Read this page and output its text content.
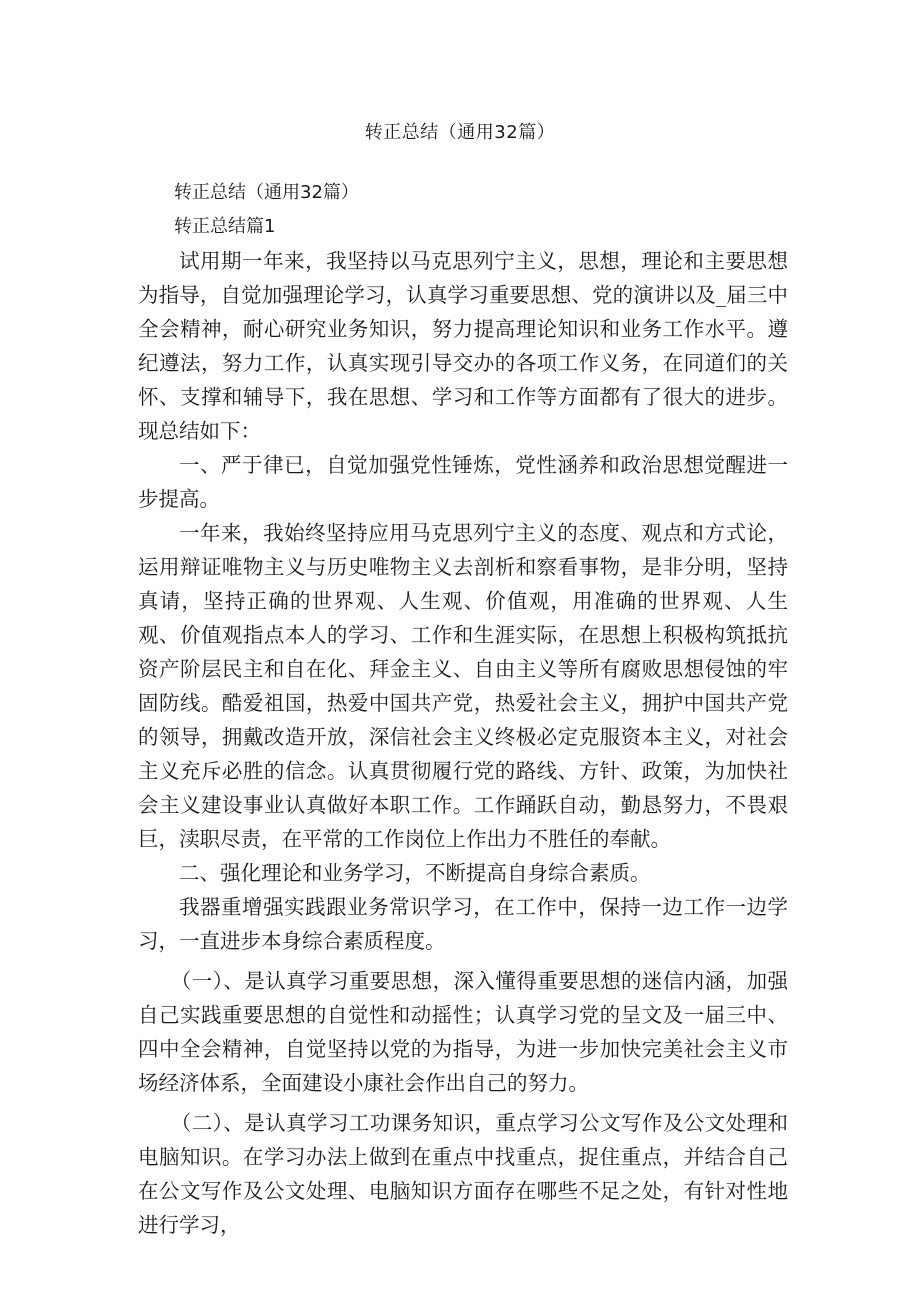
转正总结（通用32篇）

转正总结（通用32篇）

转正总结篇1

试用期一年来，我坚持以马克思列宁主义，思想，理论和主要思想为指导，自觉加强理论学习，认真学习重要思想、党的演讲以及_届三中全会精神，耐心研究业务知识，努力提高理论知识和业务工作水平。遵纪遵法，努力工作，认真实现引导交办的各项工作义务，在同道们的关怀、支撑和辅导下，我在思想、学习和工作等方面都有了很大的进步。现总结如下：

一、严于律已，自觉加强党性锤炼，党性涵养和政治思想觉醒进一步提高。

一年来，我始终坚持应用马克思列宁主义的态度、观点和方式论，运用辩证唯物主义与历史唯物主义去剖析和察看事物，是非分明，坚持真请，坚持正确的世界观、人生观、价值观，用准确的世界观、人生观、价值观指点本人的学习、工作和生涯实际，在思想上积极构筑抵抗资产阶层民主和自在化、拜金主义、自由主义等所有腐败思想侵蚀的牢固防线。酷爱祖国，热爱中国共产党，热爱社会主义，拥护中国共产党的领导，拥戴改造开放，深信社会主义终极必定克服资本主义，对社会主义充斥必胜的信念。认真贯彻履行党的路线、方针、政策，为加快社会主义建设事业认真做好本职工作。工作踊跃自动，勤恳努力，不畏艰巨，渎职尽责，在平常的工作岗位上作出力不胜任的奉献。

二、强化理论和业务学习，不断提高自身综合素质。

我器重增强实践跟业务常识学习，在工作中，保持一边工作一边学习，一直进步本身综合素质程度。

（一）、是认真学习重要思想，深入懂得重要思想的迷信内涵，加强自己实践重要思想的自觉性和动摇性；认真学习党的呈文及一届三中、四中全会精神，自觉坚持以党的为指导，为进一步加快完美社会主义市场经济体系，全面建设小康社会作出自己的努力。

（二）、是认真学习工功课务知识，重点学习公文写作及公文处理和电脑知识。在学习办法上做到在重点中找重点，捉住重点，并结合自己在公文写作及公文处理、电脑知识方面存在哪些不足之处，有针对性地进行学习，
